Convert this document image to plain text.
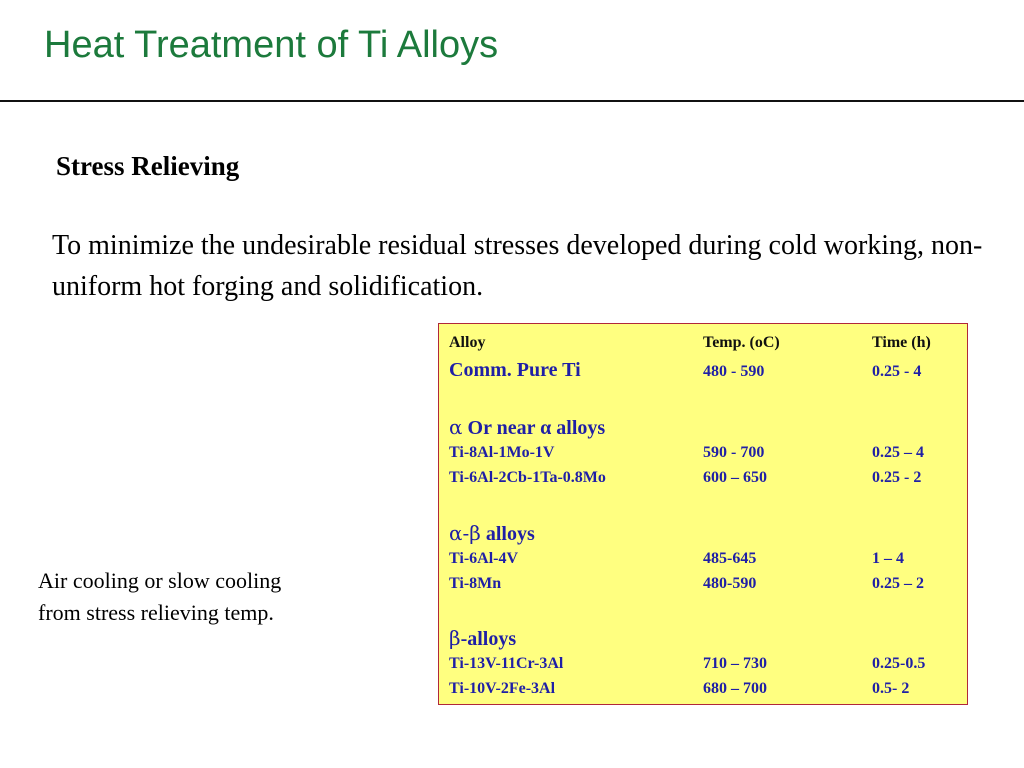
Heat Treatment of Ti Alloys
Stress Relieving
To minimize the undesirable residual stresses developed during cold working, non-uniform hot forging and solidification.
Air cooling or slow cooling
from stress relieving temp.
Alloy	Temp. (oC)	Time (h)
Comm. Pure Ti	480 - 590	0.25 - 4
α Or near α alloys
Ti-8Al-1Mo-1V	590 - 700	0.25 – 4
Ti-6Al-2Cb-1Ta-0.8Mo	600 – 650	0.25 - 2
α-β alloys
Ti-6Al-4V	485-645	1 – 4
Ti-8Mn	480-590	0.25 – 2
β-alloys
Ti-13V-11Cr-3Al	710 – 730	0.25-0.5
Ti-10V-2Fe-3Al	680 – 700	0.5- 2
